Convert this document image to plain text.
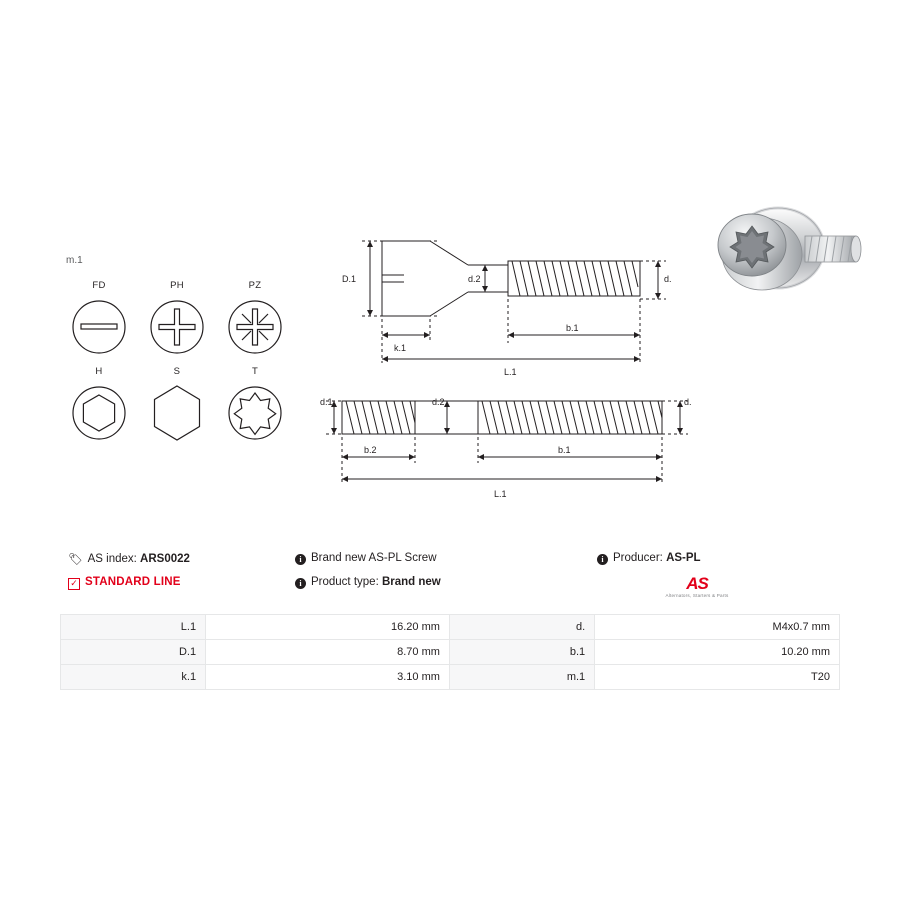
m.1
FD	PH	PZ
H	S	T
D.1	d.2	d.
k.1
b.1
L.1
d.1	d.2	d.
b.2	b.1
L.1
🏷 AS index: ARS0022
✓ STANDARD LINE
i Brand new AS-PL Screw
i Product type: Brand new
i Producer: AS-PL
AS
Alternators, Starters & Parts
L.1	16.20 mm	d.	M4x0.7 mm
D.1	8.70 mm	b.1	10.20 mm
k.1	3.10 mm	m.1	T20
